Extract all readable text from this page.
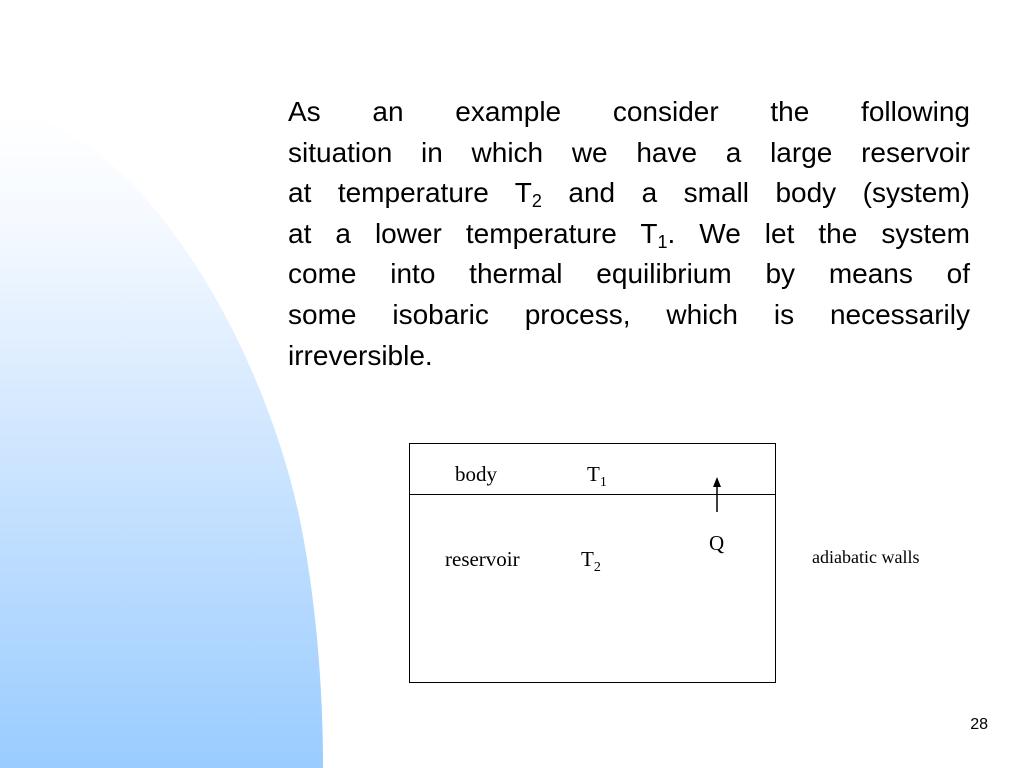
As an example consider the following
situation in which we have a large reservoir
at temperature $T_2$ and a small body (system)
at a lower temperature $T_1$. We let the system
come into thermal equilibrium by means of
some isobaric process, which is necessarily
irreversible.
body	$T_1$
Q
reservoir	$T_2$
adiabatic walls
28
